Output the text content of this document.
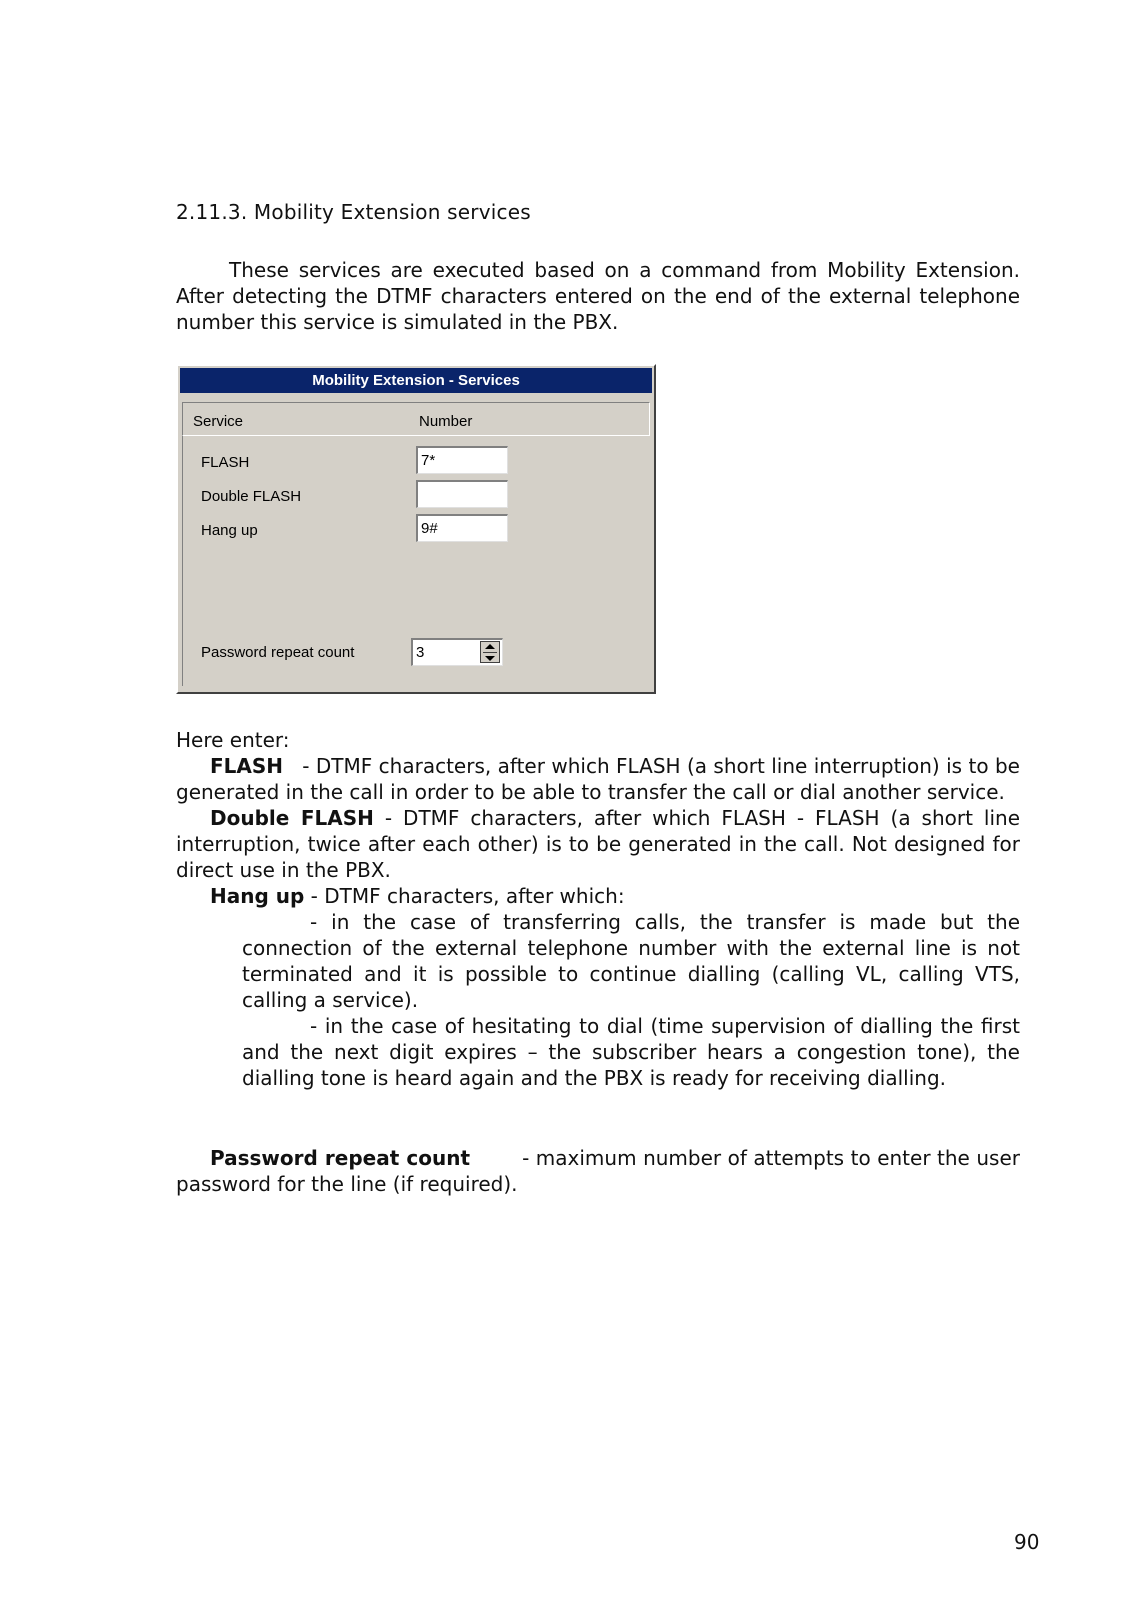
2.11.3. Mobility Extension services

These services are executed based on a command from Mobility Extension. After detecting the DTMF characters entered on the end of the external telephone number this service is simulated in the PBX.

Mobility Extension - Services
Service	Number
FLASH
7*
Double FLASH
Hang up
9#
Password repeat count
3
Here enter:

FLASH   - DTMF characters, after which FLASH (a short line interruption) is to be generated in the call in order to be able to transfer the call or dial another service.

Double FLASH - DTMF characters, after which FLASH - FLASH (a short line interruption, twice after each other) is to be generated in the call. Not designed for direct use in the PBX.

Hang up - DTMF characters, after which:

- in the case of transferring calls, the transfer is made but the connection of the external telephone number with the external line is not terminated and it is possible to continue dialling (calling VL, calling VTS, calling a service).

- in the case of hesitating to dial (time supervision of dialling the first and the next digit expires – the subscriber hears a congestion tone), the dialling tone is heard again and the PBX is ready for receiving dialling.

Password repeat count        - maximum number of attempts to enter the user password for the line (if required).

90
